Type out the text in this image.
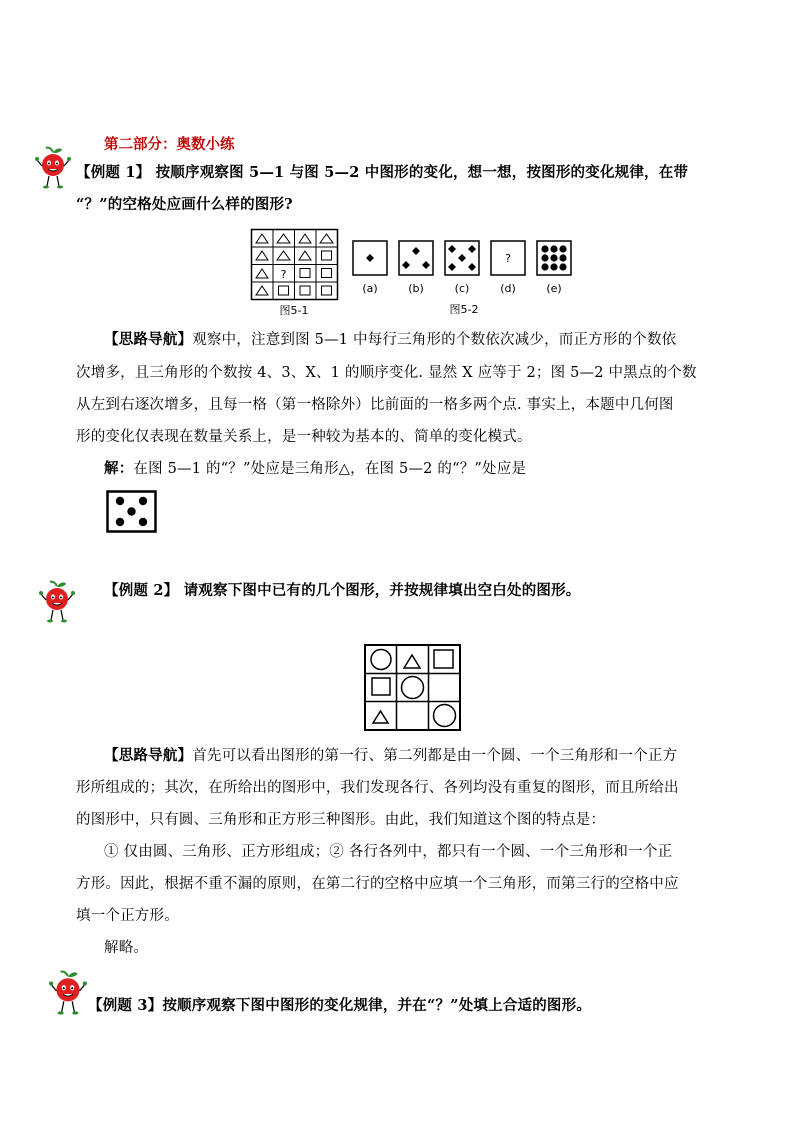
第二部分：奥数小练
【例题 1】 按顺序观察图 5—1 与图 5—2 中图形的变化，想一想，按图形的变化规律，在带
“？”的空格处应画什么样的图形?
?
图5-1
?
(a)	(b)	(c)	(d)	(e)
图5-2
【思路导航】观察中，注意到图 5—1 中每行三角形的个数依次减少，而正方形的个数依
次增多，且三角形的个数按 4、3、X、1 的顺序变化. 显然 X 应等于 2；图 5—2 中黑点的个数
从左到右逐次增多，且每一格（第一格除外）比前面的一格多两个点. 事实上，本题中几何图
形的变化仅表现在数量关系上，是一种较为基本的、简单的变化模式。
解：在图 5—1 的“？”处应是三角形△，在图 5—2 的“？”处应是
【例题 2】 请观察下图中已有的几个图形，并按规律填出空白处的图形。
【思路导航】首先可以看出图形的第一行、第二列都是由一个圆、一个三角形和一个正方
形所组成的；其次，在所给出的图形中，我们发现各行、各列均没有重复的图形，而且所给出
的图形中，只有圆、三角形和正方形三种图形。由此，我们知道这个图的特点是：
① 仅由圆、三角形、正方形组成；② 各行各列中，都只有一个圆、一个三角形和一个正
方形。因此，根据不重不漏的原则，在第二行的空格中应填一个三角形，而第三行的空格中应
填一个正方形。
解略。
【例题 3】按顺序观察下图中图形的变化规律，并在“？”处填上合适的图形。
